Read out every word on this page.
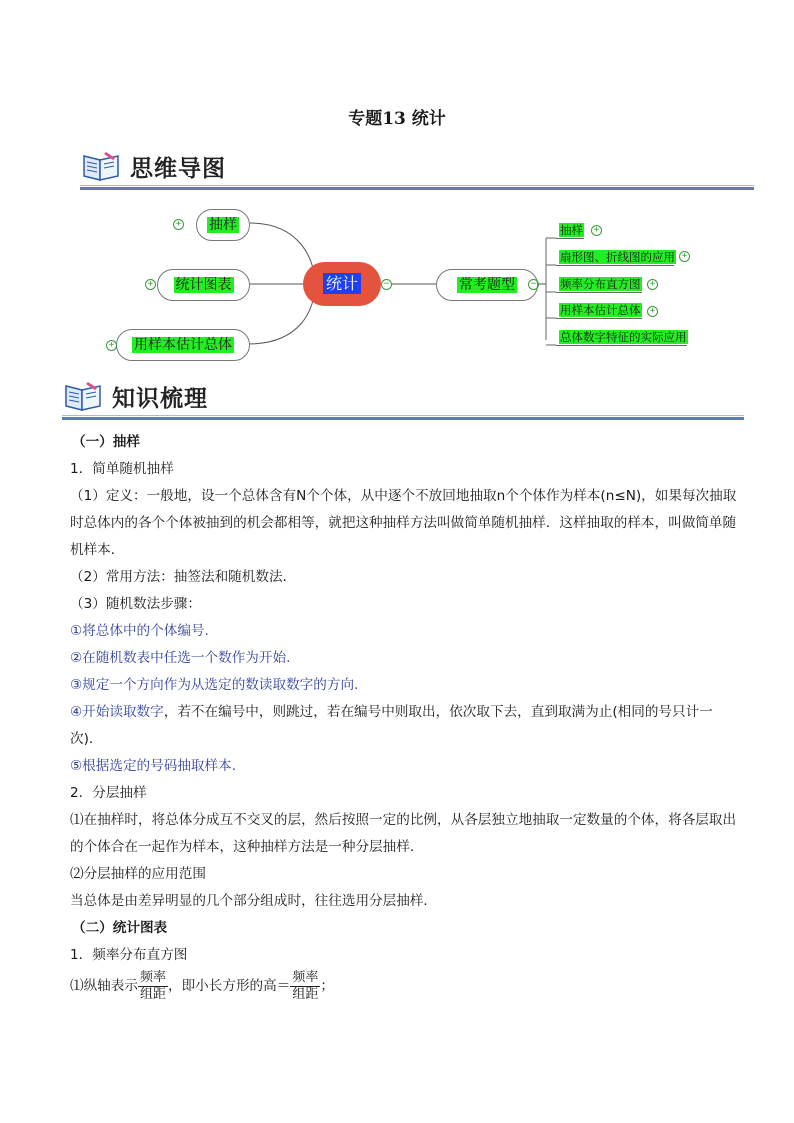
专题13 统计
思维导图
抽样
+
统计图表
+
用样本估计总体
+
统计	−	常考题型	−
抽样	+
扇形图、折线图的应用 +
频率分布直方图	+
用样本估计总体	+
总体数字特征的实际应用
知识梳理

（一）抽样

1．简单随机抽样

（1）定义：一般地，设一个总体含有N个个体，从中逐个不放回地抽取n个个体作为样本(n≤N)，如果每次抽取时总体内的各个个体被抽到的机会都相等，就把这种抽样方法叫做简单随机抽样．这样抽取的样本，叫做简单随机样本．

（2）常用方法：抽签法和随机数法．

（3）随机数法步骤：

①将总体中的个体编号.

②在随机数表中任选一个数作为开始.

③规定一个方向作为从选定的数读取数字的方向.

④开始读取数字，若不在编号中，则跳过，若在编号中则取出，依次取下去，直到取满为止(相同的号只计一次)．

⑤根据选定的号码抽取样本.

2．分层抽样

⑴在抽样时，将总体分成互不交叉的层，然后按照一定的比例，从各层独立地抽取一定数量的个体，将各层取出的个体合在一起作为样本，这种抽样方法是一种分层抽样．

⑵分层抽样的应用范围

当总体是由差异明显的几个部分组成时，往往选用分层抽样．

（二）统计图表

1．频率分布直方图

⑴纵轴表示 $\frac{\text{频率}}{\text{组距}}$ ，即小长方形的高＝ $\frac{\text{频率}}{\text{组距}}$ ；
